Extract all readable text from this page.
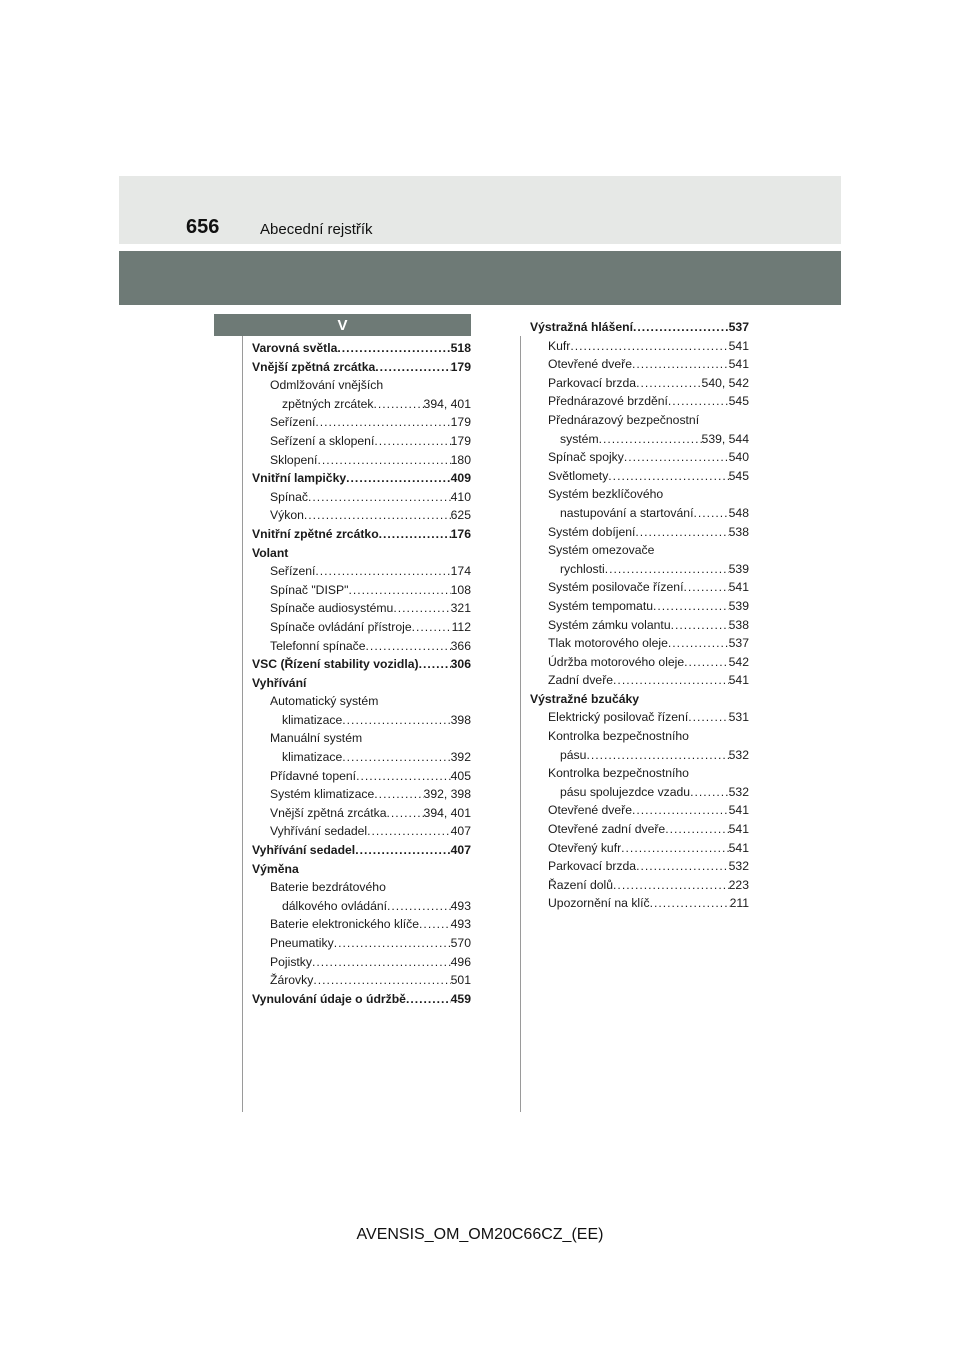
656	Abecední rejstřík
V
Varovná světla .....	518
Vnější zpětná zrcátka .....	179
Odmlžování vnějších
zpětných zrcátek .....	394, 401
Seřízení .....	179
Seřízení a sklopení .....	179
Sklopení .....	180
Vnitřní lampičky .....	409
Spínač .....	410
Výkon .....	625
Vnitřní zpětné zrcátko .....	176
Volant
Seřízení .....	174
Spínač "DISP" .....	108
Spínače audiosystému .....	321
Spínače ovládání přístroje .....	112
Telefonní spínače .....	366
VSC (Řízení stability vozidla) .....	306
Vyhřívání
Automatický systém
klimatizace .....	398
Manuální systém
klimatizace .....	392
Přídavné topení .....	405
Systém klimatizace .....	392, 398
Vnější zpětná zrcátka .....	394, 401
Vyhřívání sedadel .....	407
Vyhřívání sedadel .....	407
Výměna
Baterie bezdrátového
dálkového ovládání .....	493
Baterie elektronického klíče .....	493
Pneumatiky .....	570
Pojistky .....	496
Žárovky .....	501
Vynulování údaje o údržbě .....	459
Výstražná hlášení .....	537
Kufr .....	541
Otevřené dveře .....	541
Parkovací brzda .....	540, 542
Přednárazové brzdění .....	545
Přednárazový bezpečnostní
systém .....	539, 544
Spínač spojky .....	540
Světlomety .....	545
Systém bezklíčového
nastupování a startování .....	548
Systém dobíjení .....	538
Systém omezovače
rychlosti .....	539
Systém posilovače řízení .....	541
Systém tempomatu .....	539
Systém zámku volantu .....	538
Tlak motorového oleje .....	537
Údržba motorového oleje .....	542
Zadní dveře .....	541
Výstražné bzučáky
Elektrický posilovač řízení .....	531
Kontrolka bezpečnostního
pásu .....	532
Kontrolka bezpečnostního
pásu spolujezdce vzadu .....	532
Otevřené dveře .....	541
Otevřené zadní dveře .....	541
Otevřený kufr .....	541
Parkovací brzda .....	532
Řazení dolů .....	223
Upozornění na klíč .....	211
AVENSIS_OM_OM20C66CZ_(EE)
